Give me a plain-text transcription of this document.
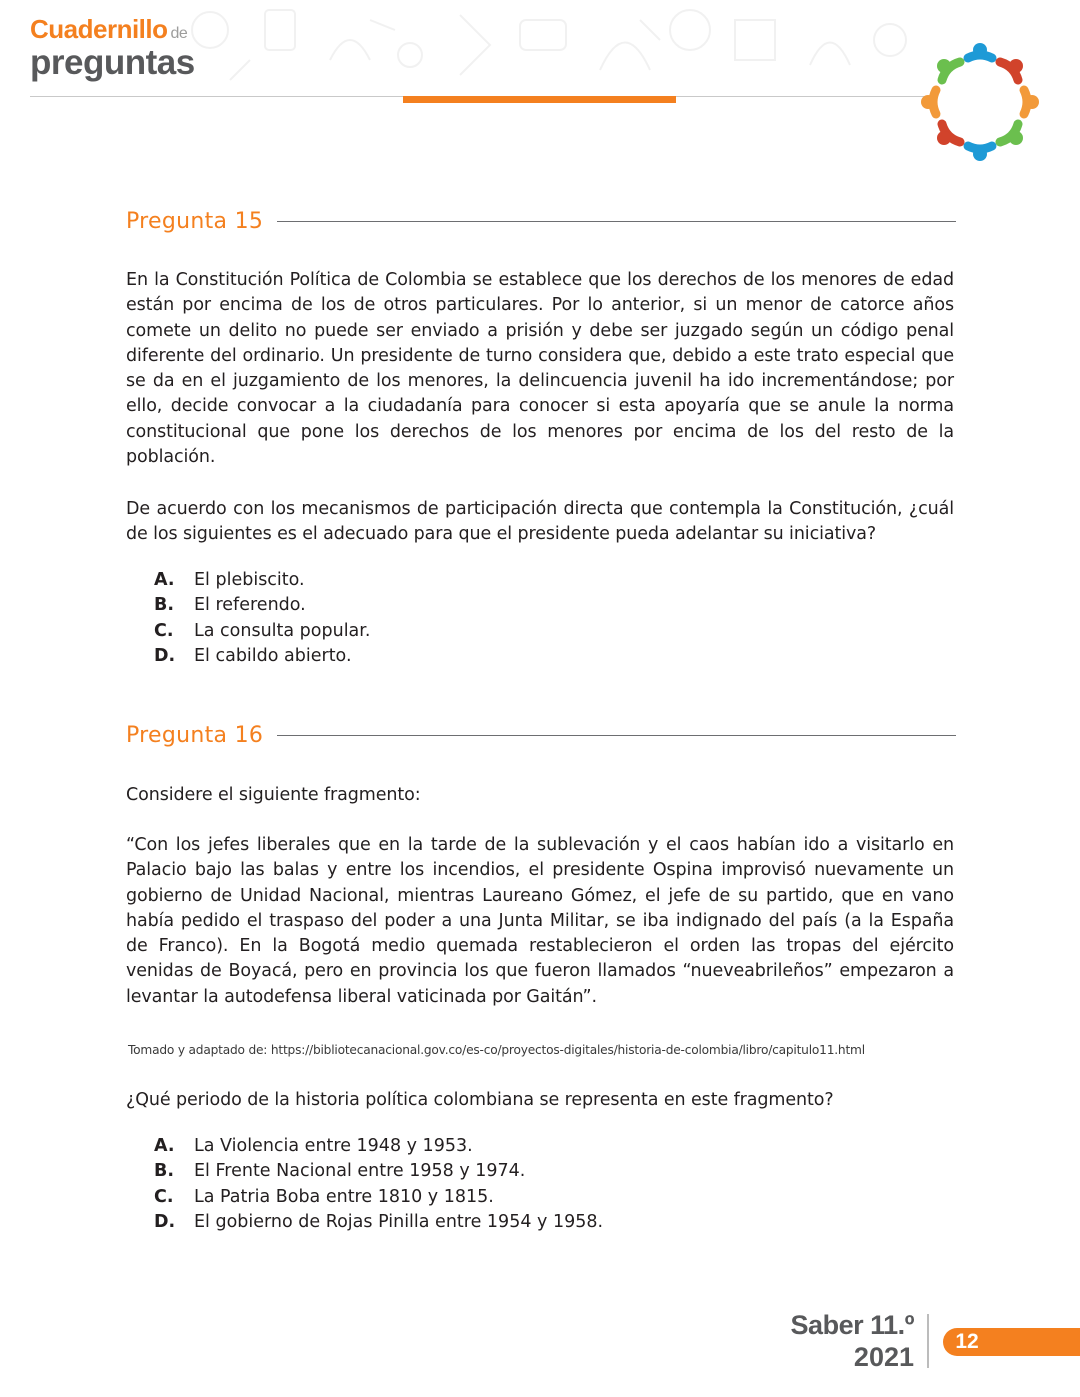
Cuadernillo de
preguntas
Pregunta 15

En la Constitución Política de Colombia se establece que los derechos de los menores de edad están por encima de los de otros particulares. Por lo anterior, si un menor de catorce años comete un delito no puede ser enviado a prisión y debe ser juzgado según un código penal diferente del ordinario. Un presidente de turno considera que, debido a este trato especial que se da en el juzgamiento de los menores, la delincuencia juvenil ha ido incrementándose; por ello, decide convocar a la ciudadanía para conocer si esta apoyaría que se anule la norma constitucional que pone los derechos de los menores por encima de los del resto de la población.

De acuerdo con los mecanismos de participación directa que contempla la Constitución, ¿cuál de los siguientes es el adecuado para que el presidente pueda adelantar su iniciativa?

A.	El plebiscito.
B.	El referendo.
C.	La consulta popular.
D.	El cabildo abierto.
Pregunta 16

Considere el siguiente fragmento:

“Con los jefes liberales que en la tarde de la sublevación y el caos habían ido a visitarlo en Palacio bajo las balas y entre los incendios, el presidente Ospina improvisó nuevamente un gobierno de Unidad Nacional, mientras Laureano Gómez, el jefe de su partido, que en vano había pedido el traspaso del poder a una Junta Militar, se iba indignado del país (a la España de Franco). En la Bogotá medio quemada restablecieron el orden las tropas del ejército venidas de Boyacá, pero en provincia los que fueron llamados “nueveabrileños” empezaron a levantar la autodefensa liberal vaticinada por Gaitán”.

Tomado y adaptado de: https://bibliotecanacional.gov.co/es-co/proyectos-digitales/historia-de-colombia/libro/capitulo11.html

¿Qué periodo de la historia política colombiana se representa en este fragmento?

A.	La Violencia entre 1948 y 1953.
B.	El Frente Nacional entre 1958 y 1974.
C.	La Patria Boba entre 1810 y 1815.
D.	El gobierno de Rojas Pinilla entre 1954 y 1958.
Saber 11.º
2021
12
